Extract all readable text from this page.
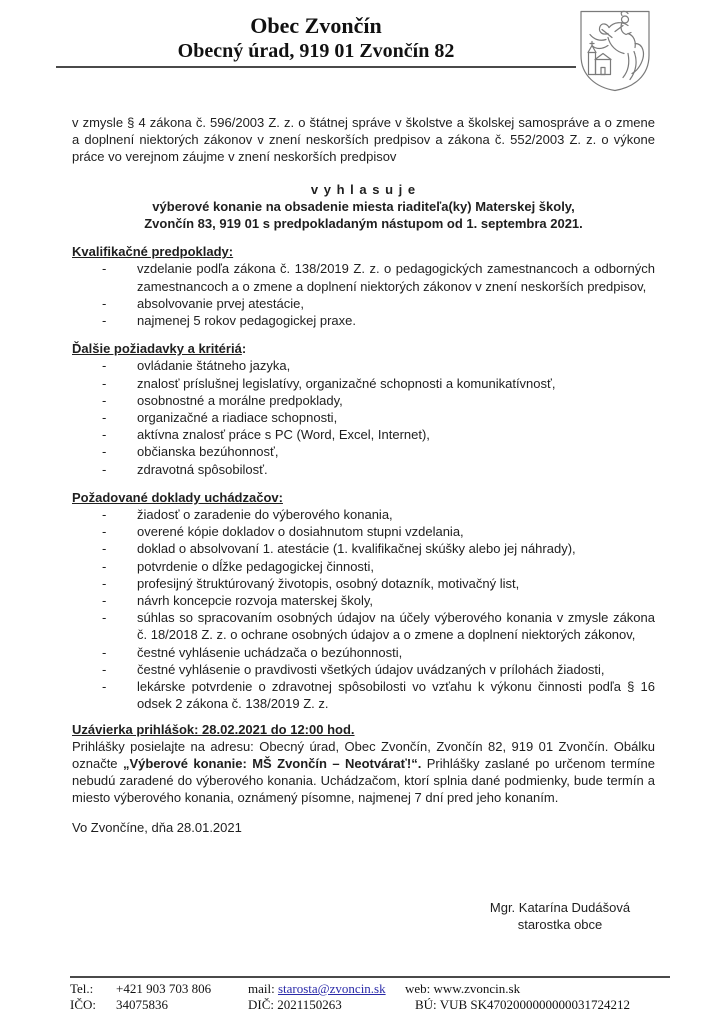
Obec Zvončín
Obecný úrad, 919 01 Zvončín 82

v zmysle § 4 zákona č. 596/2003 Z. z. o štátnej správe v školstve a školskej samospráve a o zmene a doplnení niektorých zákonov v znení neskorších predpisov a zákona č. 552/2003 Z. z. o výkone práce vo verejnom záujme v znení neskorších predpisov

v y h l a s u j e
výberové konanie na obsadenie miesta riaditeľa(ky) Materskej školy,
Zvončín 83, 919 01 s predpokladaným nástupom od 1. septembra 2021.
Kvalifikačné predpoklady:
- vzdelanie podľa zákona č. 138/2019 Z. z. o pedagogických zamestnancoch a odborných zamestnancoch a o zmene a doplnení niektorých zákonov v znení neskorších predpisov,
- absolvovanie prvej atestácie,
- najmenej 5 rokov pedagogickej praxe.
Ďalšie požiadavky a kritériá:
- ovládanie štátneho jazyka,
- znalosť príslušnej legislatívy, organizačné schopnosti a komunikatívnosť,
- osobnostné a morálne predpoklady,
- organizačné a riadiace schopnosti,
- aktívna znalosť práce s PC (Word, Excel, Internet),
- občianska bezúhonnosť,
- zdravotná spôsobilosť.
Požadované doklady uchádzačov:
- žiadosť o zaradenie do výberového konania,
- overené kópie dokladov o dosiahnutom stupni vzdelania,
- doklad o absolvovaní 1. atestácie (1. kvalifikačnej skúšky alebo jej náhrady),
- potvrdenie o dĺžke pedagogickej činnosti,
- profesijný štruktúrovaný životopis, osobný dotazník, motivačný list,
- návrh koncepcie rozvoja materskej školy,
- súhlas so spracovaním osobných údajov na účely výberového konania v zmysle zákona č. 18/2018 Z. z. o ochrane osobných údajov a o zmene a doplnení niektorých zákonov,
- čestné vyhlásenie uchádzača o bezúhonnosti,
- čestné vyhlásenie o pravdivosti všetkých údajov uvádzaných v prílohách žiadosti,
- lekárske potvrdenie o zdravotnej spôsobilosti vo vzťahu k výkonu činnosti podľa § 16 odsek 2 zákona č. 138/2019 Z. z.
Uzávierka prihlášok: 28.02.2021 do 12:00 hod.

Prihlášky posielajte na adresu: Obecný úrad, Obec Zvončín, Zvončín 82, 919 01 Zvončín. Obálku označte „Výberové konanie: MŠ Zvončín – Neotvárať!“. Prihlášky zaslané po určenom termíne nebudú zaradené do výberového konania. Uchádzačom, ktorí splnia dané podmienky, bude termín a miesto výberového konania, oznámený písomne, najmenej 7 dní pred jeho konaním.

Vo Zvončíne, dňa 28.01.2021
Mgr. Katarína Dudášová
starostka obce
Tel.:	+421 903 703 806	mail: starosta@zvoncin.sk	web: www.zvoncin.sk
IČO:	34075836	DIČ: 2021150263	BÚ: VUB SK4702000000000031724212
